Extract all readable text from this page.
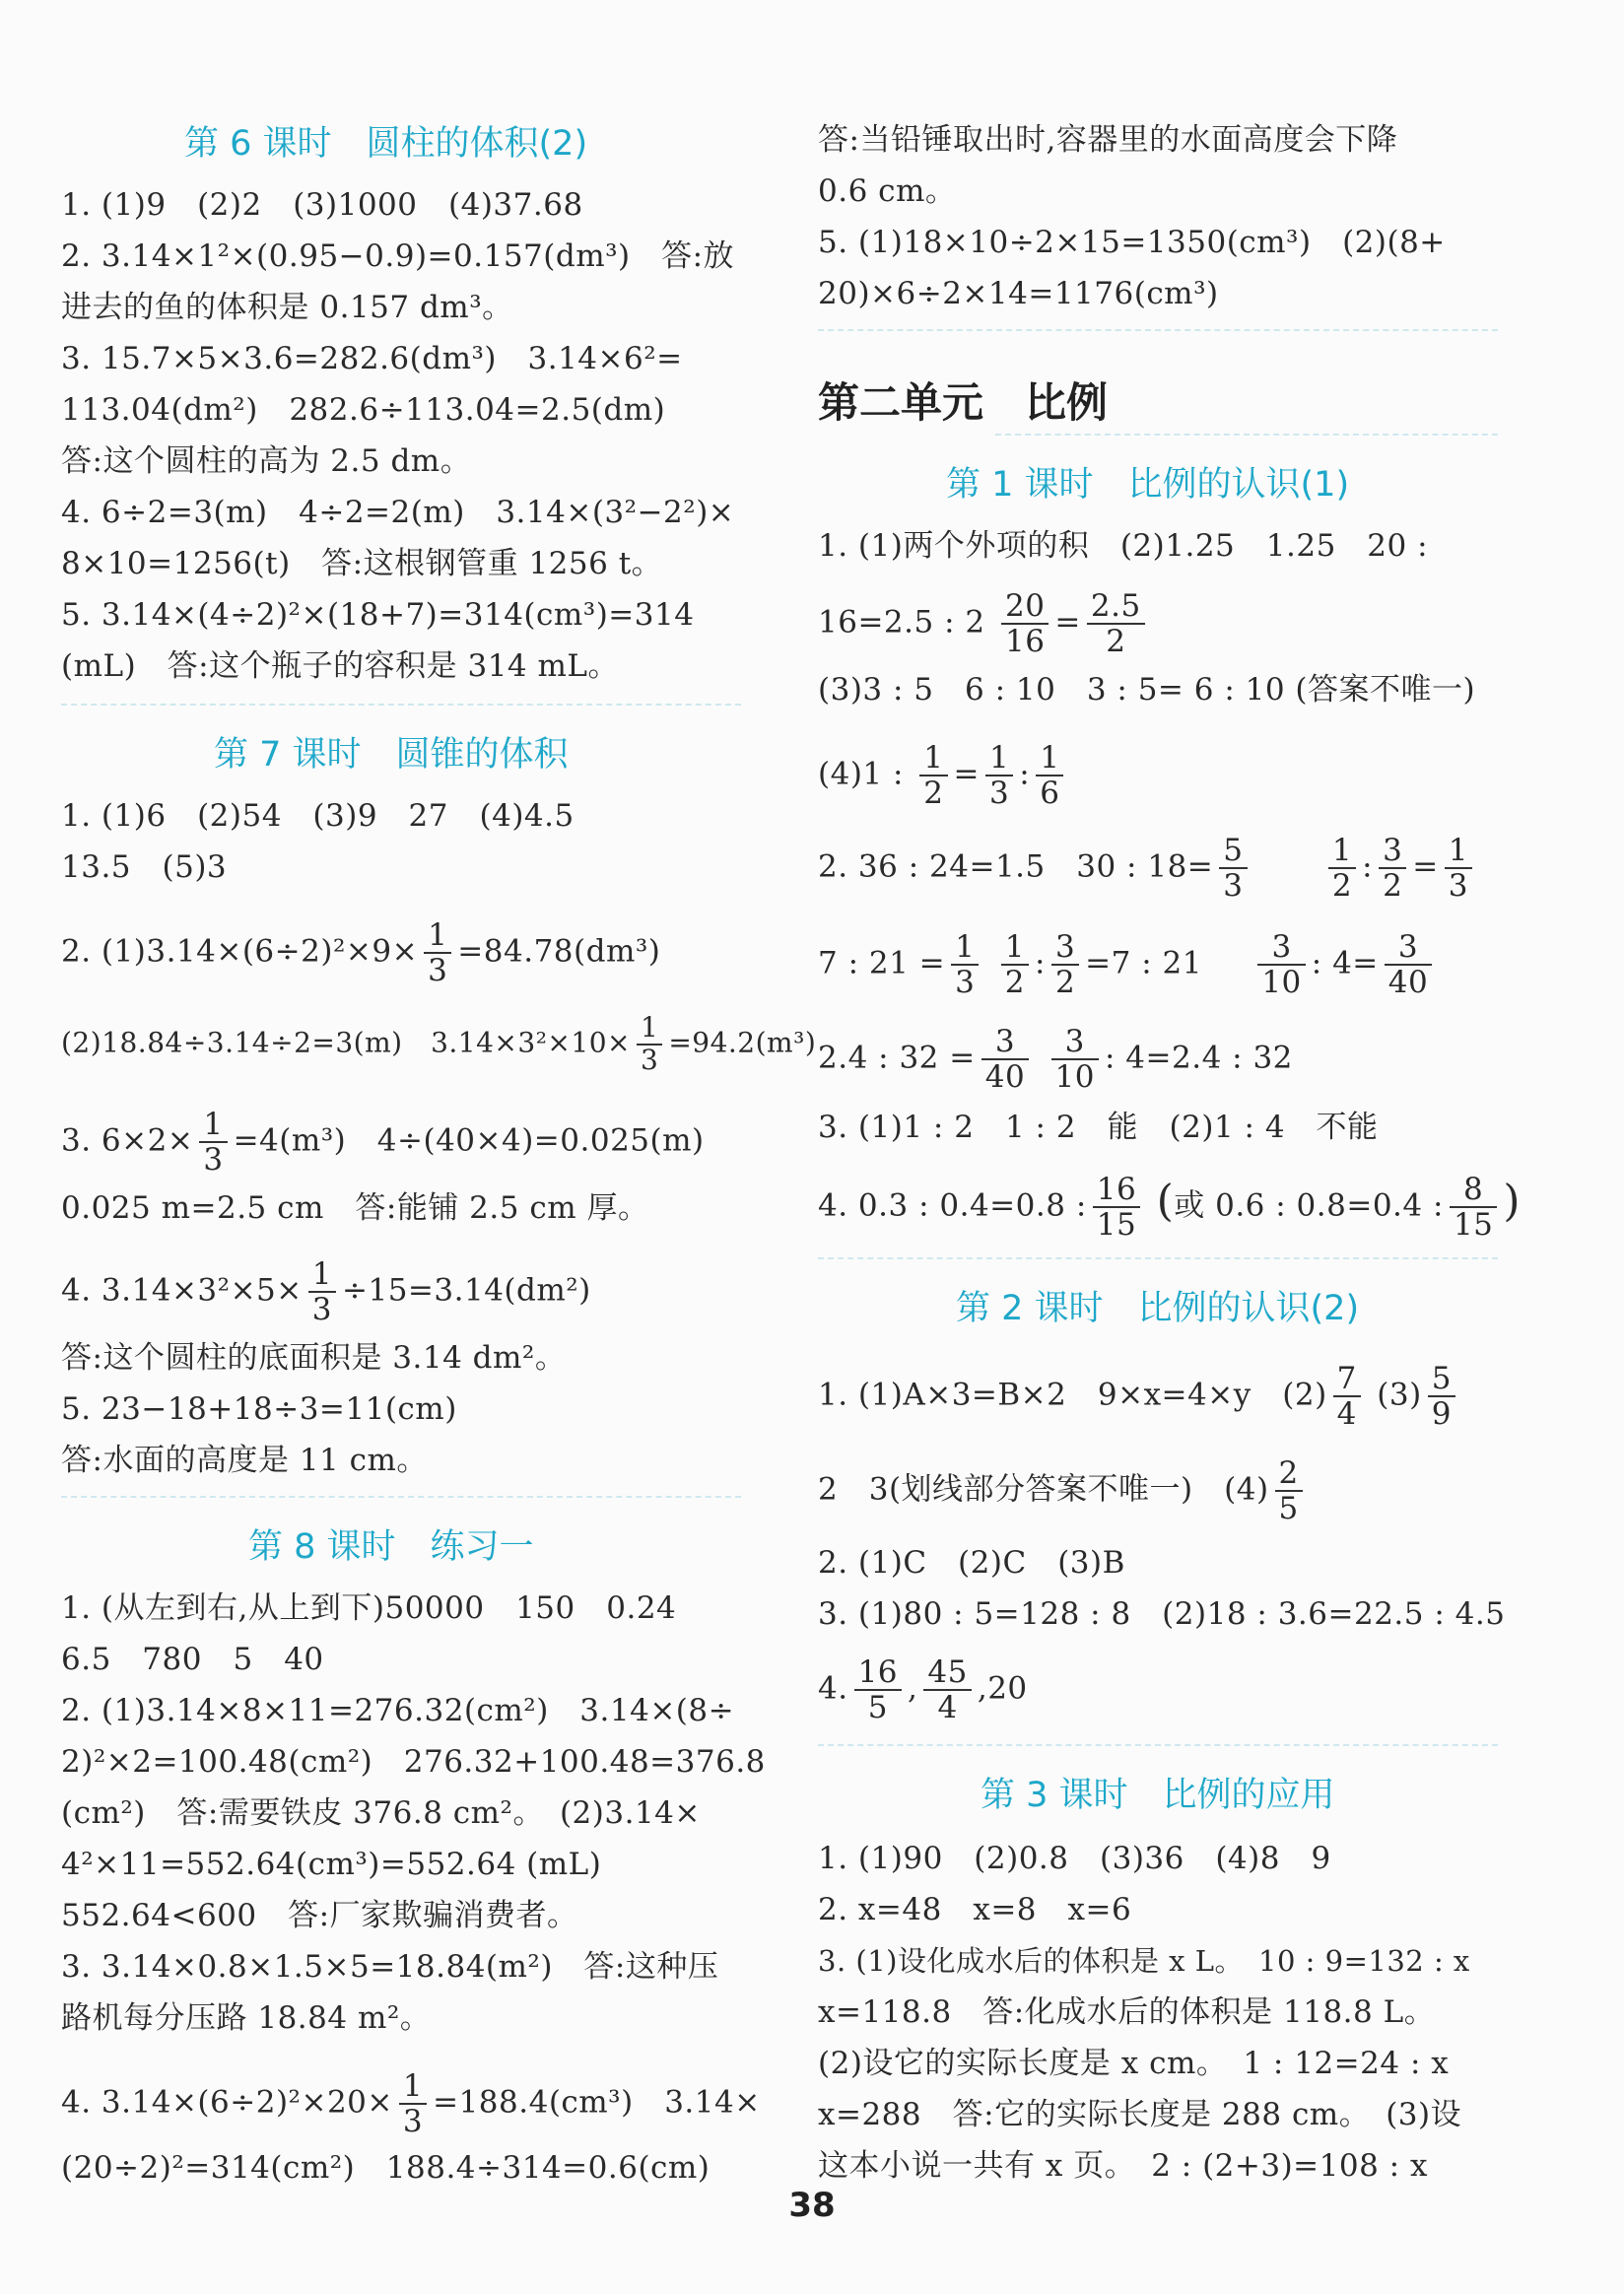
第 6 课时　圆柱的体积(2)
1. (1)9　(2)2　(3)1000　(4)37.68
2. 3.14×1²×(0.95−0.9)=0.157(dm³)　答:放
进去的鱼的体积是 0.157 dm³。
3. 15.7×5×3.6=282.6(dm³)　3.14×6²=
113.04(dm²)　282.6÷113.04=2.5(dm)
答:这个圆柱的高为 2.5 dm。
4. 6÷2=3(m)　4÷2=2(m)　3.14×(3²−2²)×
8×10=1256(t)　答:这根钢管重 1256 t。
5. 3.14×(4÷2)²×(18+7)=314(cm³)=314
(mL)　答:这个瓶子的容积是 314 mL。
第 7 课时　圆锥的体积
1. (1)6　(2)54　(3)9　27　(4)4.5
13.5　(5)3
2. $(1)3.14\times(6\div 2)^2\times 9\times \frac{1}{3} =84.78(dm^3)$
(2)18.84÷3.14÷2=3(m)　$3.14\times 3^2\times 10\times \frac{1}{3} =94.2(m^3)$
3. $6\times 2\times \frac{1}{3} =4(m^3)$　4÷(40×4)=0.025(m)
0.025 m=2.5 cm　答:能铺 2.5 cm 厚。
4. $3.14\times 3^2\times 5\times \frac{1}{3} \div 15=3.14(dm^2)$
答:这个圆柱的底面积是 3.14 dm²。
5. 23−18+18÷3=11(cm)
答:水面的高度是 11 cm。
第 8 课时　练习一
1. (从左到右,从上到下)50000　150　0.24
6.5　780　5　40
2. (1)3.14×8×11=276.32(cm²)　3.14×(8÷
2)²×2=100.48(cm²)　276.32+100.48=376.8
(cm²)　答:需要铁皮 376.8 cm²。　(2)3.14×
4²×11=552.64(cm³)=552.64 (mL)
552.64<600　答:厂家欺骗消费者。
3. 3.14×0.8×1.5×5=18.84(m²)　答:这种压
路机每分压路 18.84 m²。
4. $3.14\times(6\div 2)^2\times 20\times \frac{1}{3} =188.4(cm^3)$　3.14×
(20÷2)²=314(cm²)　188.4÷314=0.6(cm)
答:当铅锤取出时,容器里的水面高度会下降
0.6 cm。
5. (1)18×10÷2×15=1350(cm³)　(2)(8+
20)×6÷2×14=1176(cm³)
第二单元　比例
第 1 课时　比例的认识(1)
1. (1)两个外项的积　(2)1.25　1.25　20 :
16=2.5 : $2 \frac{20}{16} = \frac{2.5}{2}$
(3)3 : 5　6 : 10　3 : 5= 6 : 10 (答案不唯一)
(4)1 : $\frac{1}{2} = \frac{1}{3}$ : $\frac{1}{6}$
2. 36 : 24=1.5　30 : $18= \frac{5}{3}$
	$\frac{1}{2}$ : $\frac{3}{2} = \frac{1}{3}$
7 : $21 = \frac{1}{3}$
$\frac{1}{2}$ : $\frac{3}{2} =7$ : $21 \frac{3}{10}$ : $4= \frac{3}{40}$
2.4 : $32 = \frac{3}{40}$
$\frac{3}{10}$ : 4=2.4 : 32
3. (1)1 : 2　1 : 2　能　(2)1 : 4　不能
4. 0.3 : 0.4=0.8 : $\frac{16}{15}$ (或 0.6 : 0.8=0.4 : $\frac{8}{15}$ )
第 2 课时　比例的认识(2)
1. (1)A×3=B×2　9×x=4×y　$(2) \frac{7}{4} (3) \frac{5}{9}$
2　3(划线部分答案不唯一)　$(4) \frac{2}{5}$
2. (1)C　(2)C　(3)B
3. (1)80 : 5=128 : 8　(2)18 : 3.6=22.5 : 4.5
4. $\frac{16}{5}$ , $\frac{45}{4} ,20$
第 3 课时　比例的应用
1. (1)90　(2)0.8　(3)36　(4)8　9
2. x=48　x=8　x=6
3. (1)设化成水后的体积是 x L。　10 : 9=132 : x
x=118.8　答:化成水后的体积是 118.8 L。
(2)设它的实际长度是 x cm。　1 : 12=24 : x
x=288　答:它的实际长度是 288 cm。　(3)设
这本小说一共有 x 页。　2 : (2+3)=108 : x
38
